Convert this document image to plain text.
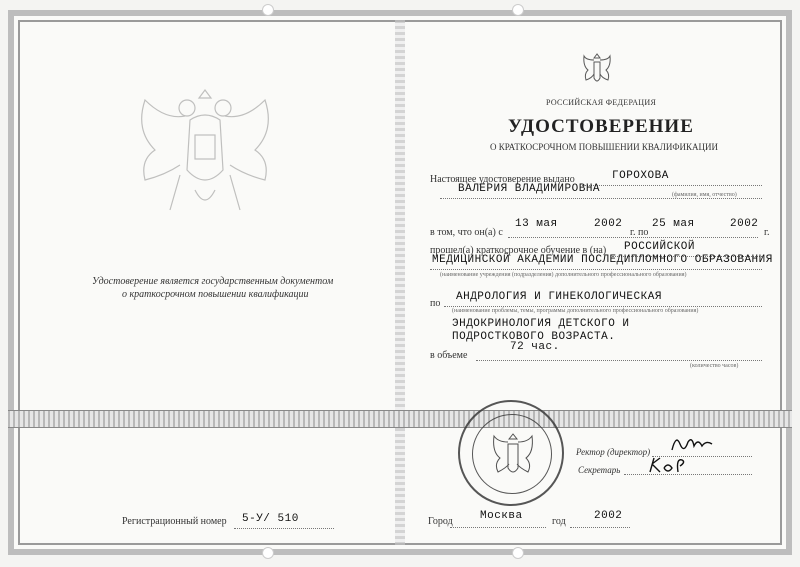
Удостоверение является государственным документом
о краткосрочном повышении квалификации
Регистрационный номер 5-У/ 510
РОССИЙСКАЯ ФЕДЕРАЦИЯ
УДОСТОВЕРЕНИЕ
О КРАТКОСРОЧНОМ ПОВЫШЕНИИ КВАЛИФИКАЦИИ
Настоящее удостоверение выдано	ГОРОХОВА
ВАЛЕРИЯ ВЛАДИМИРОВНА	(фамилия, имя, отчество)
в том, что он(а) с
13 мая	2002
г. по
25 мая	2002
г.
прошел(а) краткосрочное обучение в (на) РОССИЙСКОЙ
МЕДИЦИНСКОЙ АКАДЕМИИ ПОСЛЕДИПЛОМНОГО ОБРАЗОВАНИЯ
(наименование учреждения (подразделения) дополнительного профессионального образования)
по
АНДРОЛОГИЯ И ГИНЕКОЛОГИЧЕСКАЯ
(наименование проблемы, темы, программы дополнительного профессионального образования)
ЭНДОКРИНОЛОГИЯ ДЕТСКОГО И
ПОДРОСТКОВОГО ВОЗРАСТА.
72 час.
в объеме
(количество часов)
Ректор (директор)
Секретарь
Город Москва	год	2002
